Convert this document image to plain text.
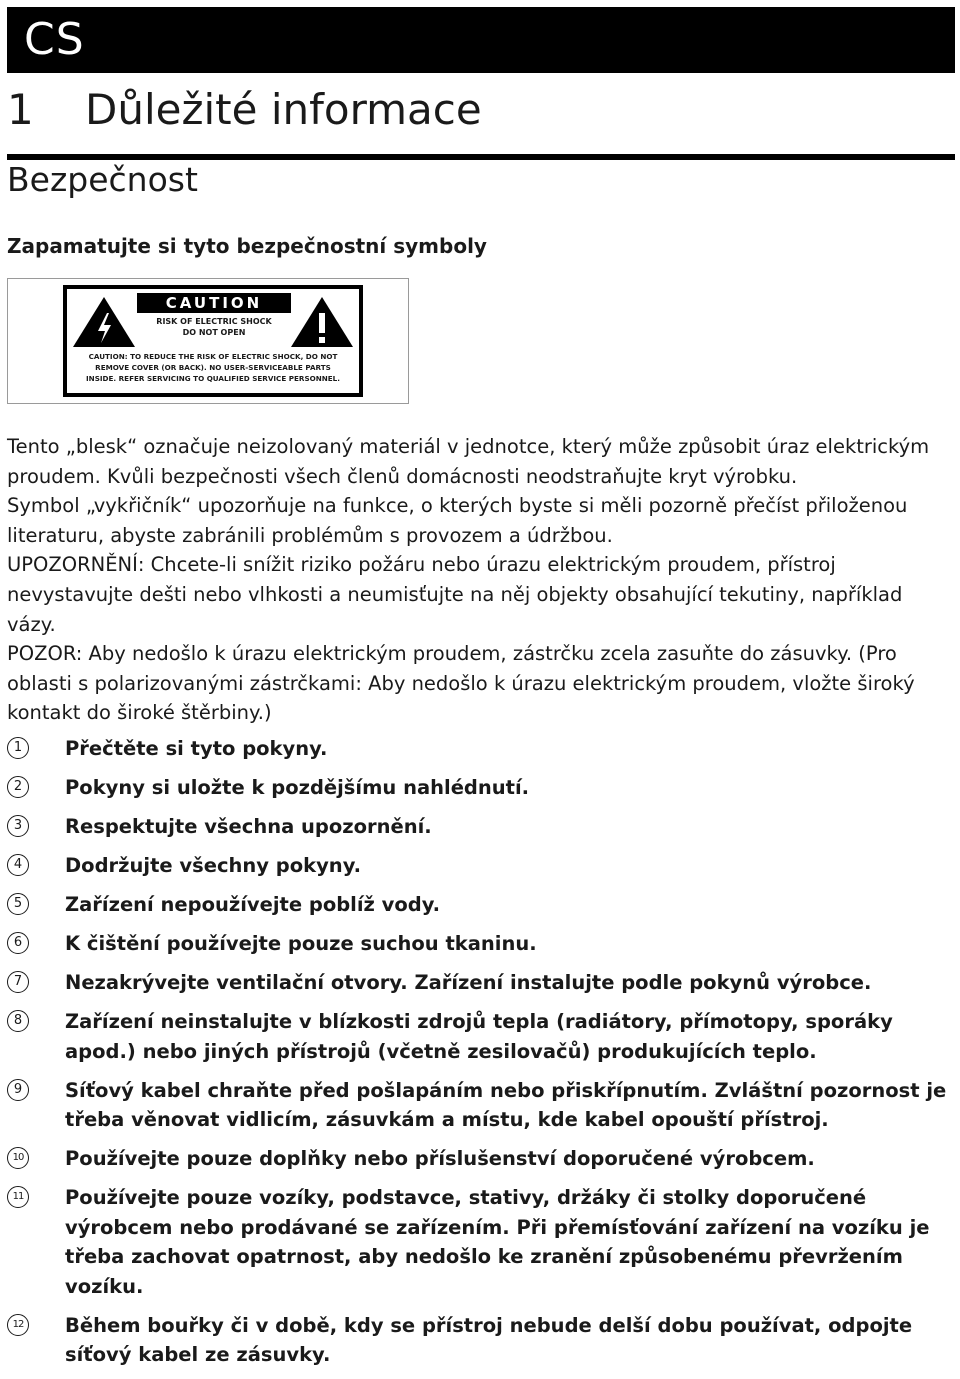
CS
1 Důležité informace
Bezpečnost
Zapamatujte si tyto bezpečnostní symboly
CAUTION
RISK OF ELECTRIC SHOCK
DO NOT OPEN
CAUTION: TO REDUCE THE RISK OF ELECTRIC SHOCK, DO NOT
REMOVE COVER (OR BACK). NO USER-SERVICEABLE PARTS
INSIDE. REFER SERVICING TO QUALIFIED SERVICE PERSONNEL.

Tento „blesk“ označuje neizolovaný materiál v jednotce, který může způsobit úraz elektrickým proudem. Kvůli bezpečnosti všech členů domácnosti neodstraňujte kryt výrobku.

Symbol „vykřičník“ upozorňuje na funkce, o kterých byste si měli pozorně přečíst přiloženou literaturu, abyste zabránili problémům s provozem a údržbou.

UPOZORNĚNÍ: Chcete-li snížit riziko požáru nebo úrazu elektrickým proudem, přístroj nevystavujte dešti nebo vlhkosti a neumisťujte na něj objekty obsahující tekutiny, například vázy.

POZOR: Aby nedošlo k úrazu elektrickým proudem, zástrčku zcela zasuňte do zásuvky. (Pro oblasti s polarizovanými zástrčkami: Aby nedošlo k úrazu elektrickým proudem, vložte široký kontakt do široké štěrbiny.)

1	Přečtěte si tyto pokyny.
2	Pokyny si uložte k pozdějšímu nahlédnutí.
3	Respektujte všechna upozornění.
4	Dodržujte všechny pokyny.
5	Zařízení nepoužívejte poblíž vody.
6	K čištění používejte pouze suchou tkaninu.
7	Nezakrývejte ventilační otvory. Zařízení instalujte podle pokynů výrobce.
8	Zařízení neinstalujte v blízkosti zdrojů tepla (radiátory, přímotopy, sporáky apod.) nebo jiných přístrojů (včetně zesilovačů) produkujících teplo.
9	Síťový kabel chraňte před pošlapáním nebo přiskřípnutím. Zvláštní pozornost je třeba věnovat vidlicím, zásuvkám a místu, kde kabel opouští přístroj.
10 Používejte pouze doplňky nebo příslušenství doporučené výrobcem.
11 Používejte pouze vozíky, podstavce, stativy, držáky či stolky doporučené výrobcem nebo prodávané se zařízením. Při přemísťování zařízení na vozíku je třeba zachovat opatrnost, aby nedošlo ke zranění způsobenému převržením vozíku.
12 Během bouřky či v době, kdy se přístroj nebude delší dobu používat, odpojte síťový kabel ze zásuvky.
